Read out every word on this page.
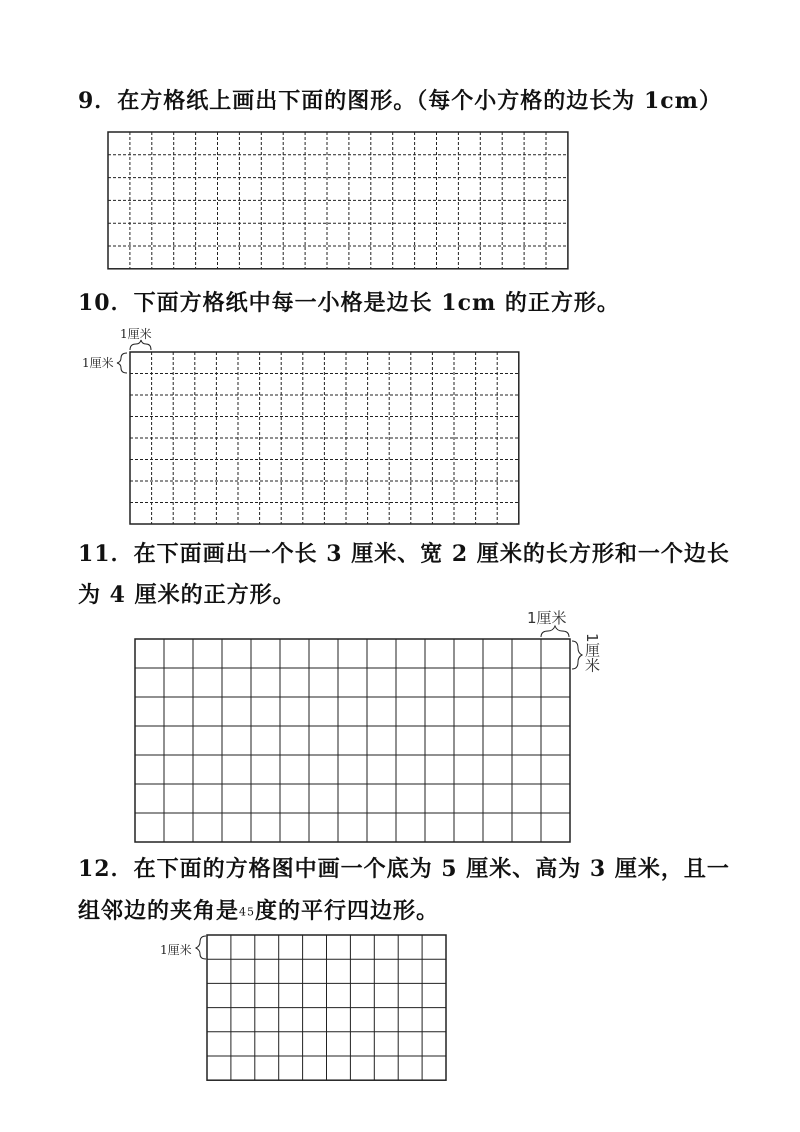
9．在方格纸上画出下面的图形。（每个小方格的边长为 1cm）
10．下面方格纸中每一小格是边长 1cm 的正方形。
11．在下面画出一个长 3 厘米、宽 2 厘米的长方形和一个边长
为 4 厘米的正方形。
12．在下面的方格图中画一个底为 5 厘米、高为 3 厘米，且一
组邻边的夹角是45度的平行四边形。
1厘米
1厘米
1厘米
1厘米
1厘米
